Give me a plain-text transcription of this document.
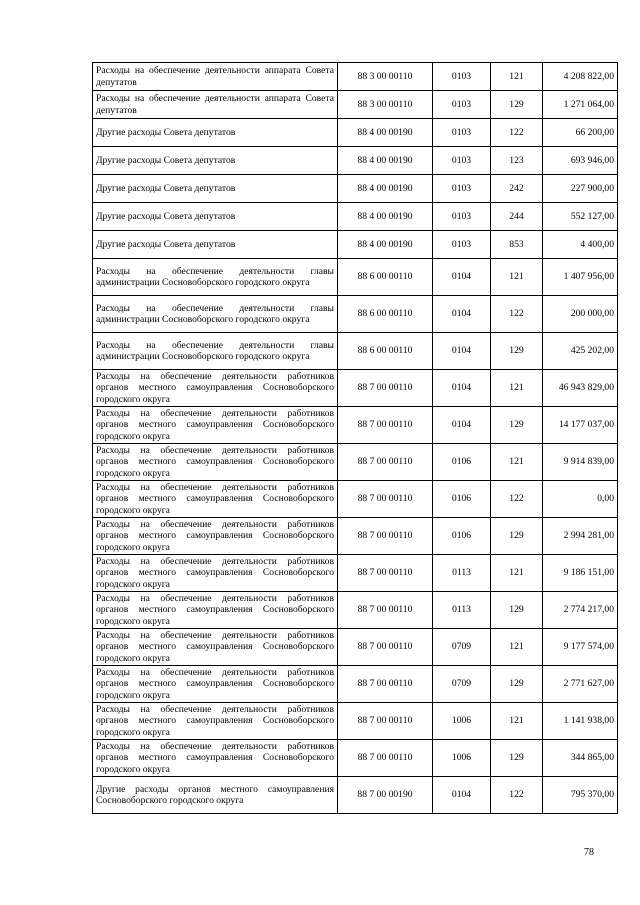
Расходы на обеспечение деятельности аппарата Совета депутатов	88 3 00 00110	0103	121	4 208 822,00
Расходы на обеспечение деятельности аппарата Совета депутатов	88 3 00 00110	0103	129	1 271 064,00
Другие расходы Совета депутатов	88 4 00 00190	0103	122	66 200,00
Другие расходы Совета депутатов	88 4 00 00190	0103	123	693 946,00
Другие расходы Совета депутатов	88 4 00 00190	0103	242	227 900,00
Другие расходы Совета депутатов	88 4 00 00190	0103	244	552 127,00
Другие расходы Совета депутатов	88 4 00 00190	0103	853	4 400,00
Расходы на обеспечение деятельности главы администрации Сосновоборского городского округа	88 6 00 00110	0104	121	1 407 956,00
Расходы на обеспечение деятельности главы администрации Сосновоборского городского округа	88 6 00 00110	0104	122	200 000,00
Расходы на обеспечение деятельности главы администрации Сосновоборского городского округа	88 6 00 00110	0104	129	425 202,00
Расходы на обеспечение деятельности работников органов местного самоуправления Сосновоборского городского округа	88 7 00 00110	0104	121	46 943 829,00
Расходы на обеспечение деятельности работников органов местного самоуправления Сосновоборского городского округа	88 7 00 00110	0104	129	14 177 037,00
Расходы на обеспечение деятельности работников органов местного самоуправления Сосновоборского городского округа	88 7 00 00110	0106	121	9 914 839,00
Расходы на обеспечение деятельности работников органов местного самоуправления Сосновоборского городского округа	88 7 00 00110	0106	122	0,00
Расходы на обеспечение деятельности работников органов местного самоуправления Сосновоборского городского округа	88 7 00 00110	0106	129	2 994 281,00
Расходы на обеспечение деятельности работников органов местного самоуправления Сосновоборского городского округа	88 7 00 00110	0113	121	9 186 151,00
Расходы на обеспечение деятельности работников органов местного самоуправления Сосновоборского городского округа	88 7 00 00110	0113	129	2 774 217,00
Расходы на обеспечение деятельности работников органов местного самоуправления Сосновоборского городского округа	88 7 00 00110	0709	121	9 177 574,00
Расходы на обеспечение деятельности работников органов местного самоуправления Сосновоборского городского округа	88 7 00 00110	0709	129	2 771 627,00
Расходы на обеспечение деятельности работников органов местного самоуправления Сосновоборского городского округа	88 7 00 00110	1006	121	1 141 938,00
Расходы на обеспечение деятельности работников органов местного самоуправления Сосновоборского городского округа	88 7 00 00110	1006	129	344 865,00
Другие расходы органов местного самоуправления Сосновоборского городского округа	88 7 00 00190	0104	122	795 370,00
78
